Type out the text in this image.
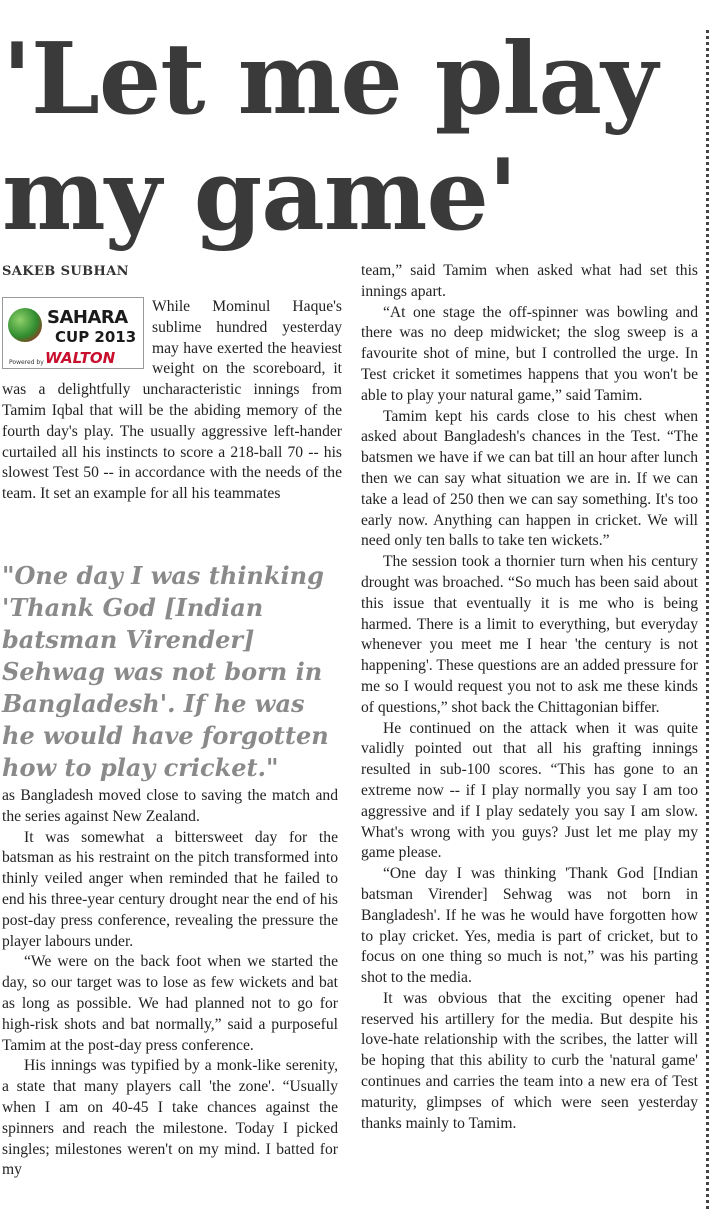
'Let me play my game'

SAKEB SUBHAN

SAHARA
CUP 2013
Powered by WALTON

While Mominul Haque's sublime hundred yesterday may have exerted the heaviest weight on the scoreboard, it was a delightfully uncharacteristic innings from Tamim Iqbal that will be the abiding memory of the fourth day's play. The usually aggressive left-hander curtailed all his instincts to score a 218-ball 70 -- his slowest Test 50 -- in accordance with the needs of the team. It set an example for all his teammates

"One day I was thinking 'Thank God [Indian batsman Virender] Sehwag was not born in Bangladesh'. If he was he would have forgotten how to play cricket."

as Bangladesh moved close to saving the match and the series against New Zealand.

It was somewhat a bittersweet day for the batsman as his restraint on the pitch transformed into thinly veiled anger when reminded that he failed to end his three-year century drought near the end of his post-day press conference, revealing the pressure the player labours under.

“We were on the back foot when we started the day, so our target was to lose as few wickets and bat as long as possible. We had planned not to go for high-risk shots and bat normally,” said a purposeful Tamim at the post-day press conference.

His innings was typified by a monk-like serenity, a state that many players call 'the zone'. “Usually when I am on 40-45 I take chances against the spinners and reach the milestone. Today I picked singles; milestones weren't on my mind. I batted for my

team,” said Tamim when asked what had set this innings apart.

“At one stage the off-spinner was bowling and there was no deep midwicket; the slog sweep is a favourite shot of mine, but I controlled the urge. In Test cricket it sometimes happens that you won't be able to play your natural game,” said Tamim.

Tamim kept his cards close to his chest when asked about Bangladesh's chances in the Test. “The batsmen we have if we can bat till an hour after lunch then we can say what situation we are in. If we can take a lead of 250 then we can say something. It's too early now. Anything can happen in cricket. We will need only ten balls to take ten wickets.”

The session took a thornier turn when his century drought was broached. “So much has been said about this issue that eventually it is me who is being harmed. There is a limit to everything, but everyday whenever you meet me I hear 'the century is not happening'. These questions are an added pressure for me so I would request you not to ask me these kinds of questions,” shot back the Chittagonian biffer.

He continued on the attack when it was quite validly pointed out that all his grafting innings resulted in sub-100 scores. “This has gone to an extreme now -- if I play normally you say I am too aggressive and if I play sedately you say I am slow. What's wrong with you guys? Just let me play my game please.

“One day I was thinking 'Thank God [Indian batsman Virender] Sehwag was not born in Bangladesh'. If he was he would have forgotten how to play cricket. Yes, media is part of cricket, but to focus on one thing so much is not,” was his parting shot to the media.

It was obvious that the exciting opener had reserved his artillery for the media. But despite his love-hate relationship with the scribes, the latter will be hoping that this ability to curb the 'natural game' continues and carries the team into a new era of Test maturity, glimpses of which were seen yesterday thanks mainly to Tamim.
